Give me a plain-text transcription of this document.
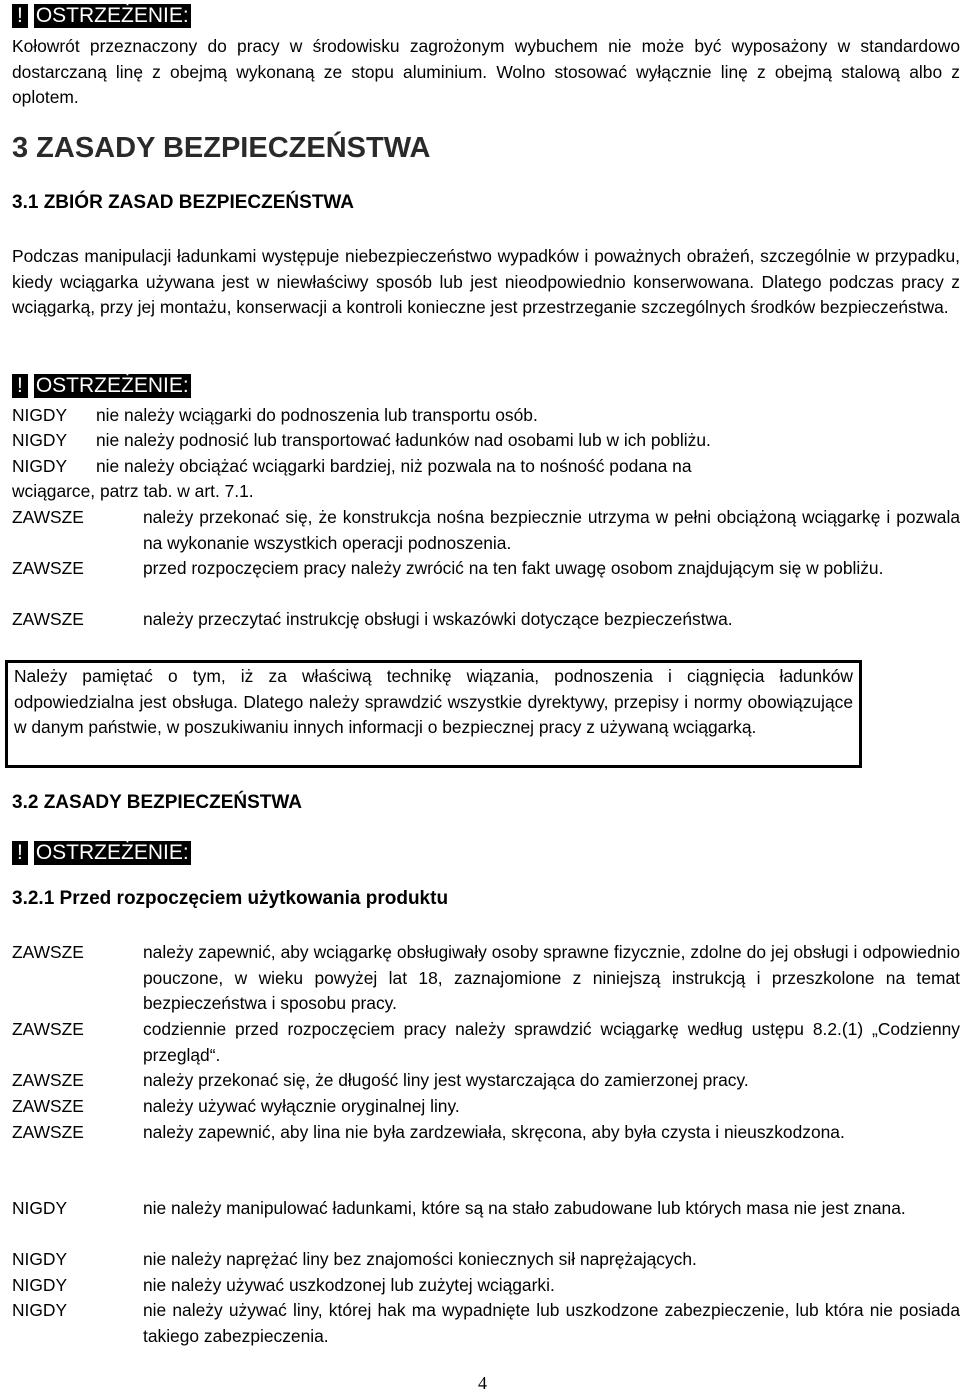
! OSTRZEŻENIE:
Kołowrót przeznaczony do pracy w środowisku zagrożonym wybuchem nie może być wyposażony w standardowo dostarczaną linę z obejmą wykonaną ze stopu aluminium. Wolno stosować wyłącznie linę z obejmą stalową albo z oplotem.
3 ZASADY BEZPIECZEŃSTWA
3.1 ZBIÓR ZASAD BEZPIECZEŃSTWA
Podczas manipulacji ładunkami występuje niebezpieczeństwo wypadków i poważnych obrażeń, szczególnie w przypadku, kiedy wciągarka używana jest w niewłaściwy sposób lub jest nieodpowiednio konserwowana. Dlatego podczas pracy z wciągarką, przy jej montażu, konserwacji a kontroli konieczne jest przestrzeganie szczególnych środków bezpieczeństwa.
! OSTRZEŻENIE:
NIGDY nie należy wciągarki do podnoszenia lub transportu osób.
NIGDY nie należy podnosić lub transportować ładunków nad osobami lub w ich pobliżu.
NIGDY nie należy obciążać wciągarki bardziej, niż pozwala na to nośność podana na
wciągarce, patrz tab. w art. 7.1.
ZAWSZE	należy przekonać się, że konstrukcja nośna bezpiecznie utrzyma w pełni obciążoną wciągarkę i pozwala na wykonanie wszystkich operacji podnoszenia.
ZAWSZE	przed rozpoczęciem pracy należy zwrócić na ten fakt uwagę osobom znajdującym się w pobliżu.
ZAWSZE	należy przeczytać instrukcję obsługi i wskazówki dotyczące bezpieczeństwa.
Należy pamiętać o tym, iż za właściwą technikę wiązania, podnoszenia i ciągnięcia ładunków odpowiedzialna jest obsługa. Dlatego należy sprawdzić wszystkie dyrektywy, przepisy i normy obowiązujące w danym państwie, w poszukiwaniu innych informacji o bezpiecznej pracy z używaną wciągarką.
3.2 ZASADY BEZPIECZEŃSTWA
! OSTRZEŻENIE:
3.2.1 Przed rozpoczęciem użytkowania produktu
ZAWSZE	należy zapewnić, aby wciągarkę obsługiwały osoby sprawne fizycznie, zdolne do jej obsługi i odpowiednio pouczone, w wieku powyżej lat 18, zaznajomione z niniejszą instrukcją i przeszkolone na temat bezpieczeństwa i sposobu pracy.
ZAWSZE	codziennie przed rozpoczęciem pracy należy sprawdzić wciągarkę według ustępu 8.2.(1) „Codzienny przegląd“.
ZAWSZE	należy przekonać się, że długość liny jest wystarczająca do zamierzonej pracy.
ZAWSZE	należy używać wyłącznie oryginalnej liny.
ZAWSZE	należy zapewnić, aby lina nie była zardzewiała, skręcona, aby była czysta i nieuszkodzona.
NIGDY	nie należy manipulować ładunkami, które są na stało zabudowane lub których masa nie jest znana.
NIGDY	nie należy naprężać liny bez znajomości koniecznych sił naprężających.
NIGDY	nie należy używać uszkodzonej lub zużytej wciągarki.
NIGDY	nie należy używać liny, której hak ma wypadnięte lub uszkodzone zabezpieczenie, lub która nie posiada takiego zabezpieczenia.
4
